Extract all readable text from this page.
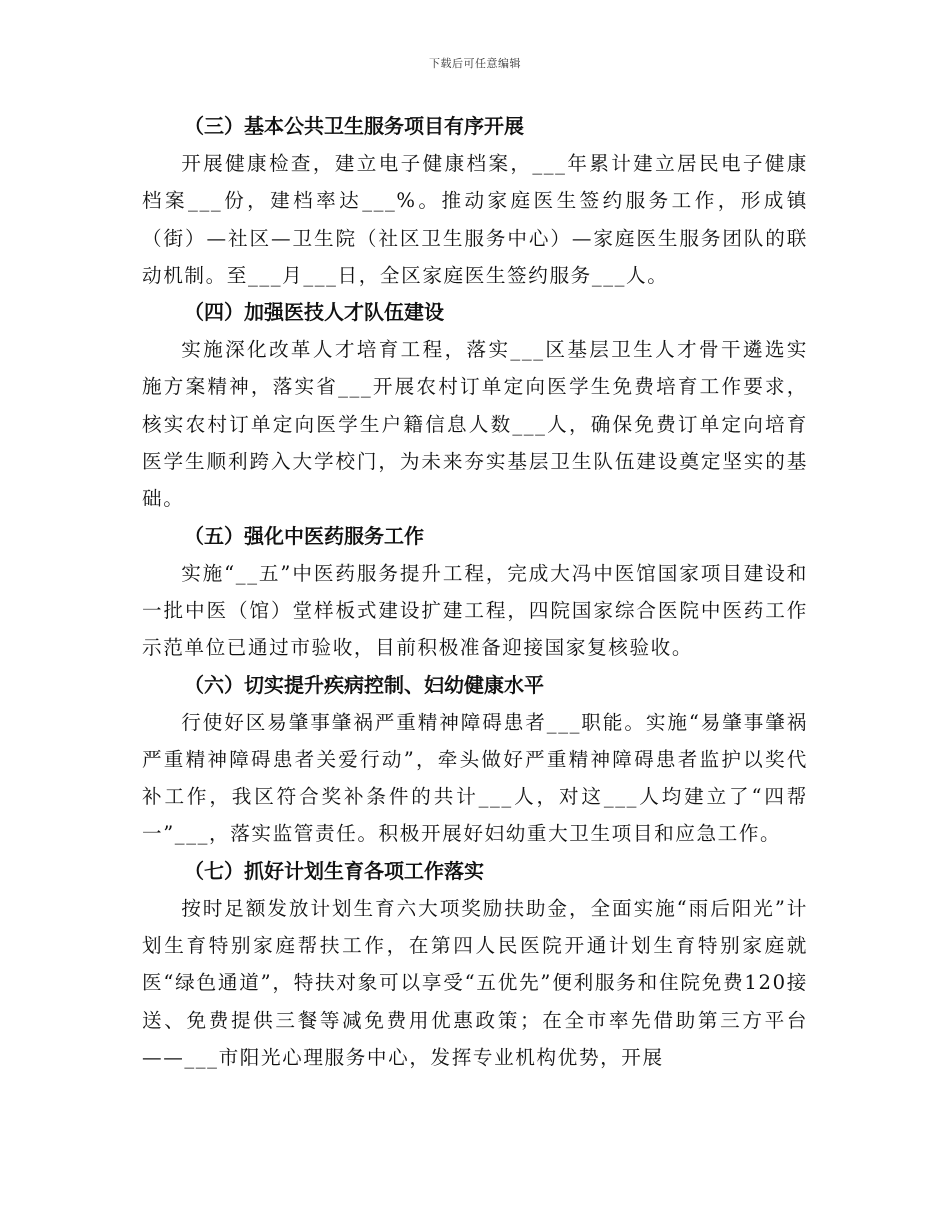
下载后可任意编辑
（三）基本公共卫生服务项目有序开展

开展健康检查，建立电子健康档案，___年累计建立居民电子健康档案___份，建档率达___%。推动家庭医生签约服务工作，形成镇（街）—社区—卫生院（社区卫生服务中心）—家庭医生服务团队的联动机制。至___月___日，全区家庭医生签约服务___人。

（四）加强医技人才队伍建设

实施深化改革人才培育工程，落实___区基层卫生人才骨干遴选实施方案精神，落实省___开展农村订单定向医学生免费培育工作要求，核实农村订单定向医学生户籍信息人数___人，确保免费订单定向培育医学生顺利跨入大学校门，为未来夯实基层卫生队伍建设奠定坚实的基础。

（五）强化中医药服务工作

实施“__五”中医药服务提升工程，完成大冯中医馆国家项目建设和一批中医（馆）堂样板式建设扩建工程，四院国家综合医院中医药工作示范单位已通过市验收，目前积极准备迎接国家复核验收。

（六）切实提升疾病控制、妇幼健康水平

行使好区易肇事肇祸严重精神障碍患者___职能。实施“易肇事肇祸严重精神障碍患者关爱行动”，牵头做好严重精神障碍患者监护以奖代补工作，我区符合奖补条件的共计___人，对这___人均建立了“四帮一”___，落实监管责任。积极开展好妇幼重大卫生项目和应急工作。

（七）抓好计划生育各项工作落实

按时足额发放计划生育六大项奖励扶助金，全面实施“雨后阳光”计划生育特别家庭帮扶工作，在第四人民医院开通计划生育特别家庭就医“绿色通道”，特扶对象可以享受“五优先”便利服务和住院免费120接送、免费提供三餐等减免费用优惠政策；在全市率先借助第三方平台——___市阳光心理服务中心，发挥专业机构优势，开展
